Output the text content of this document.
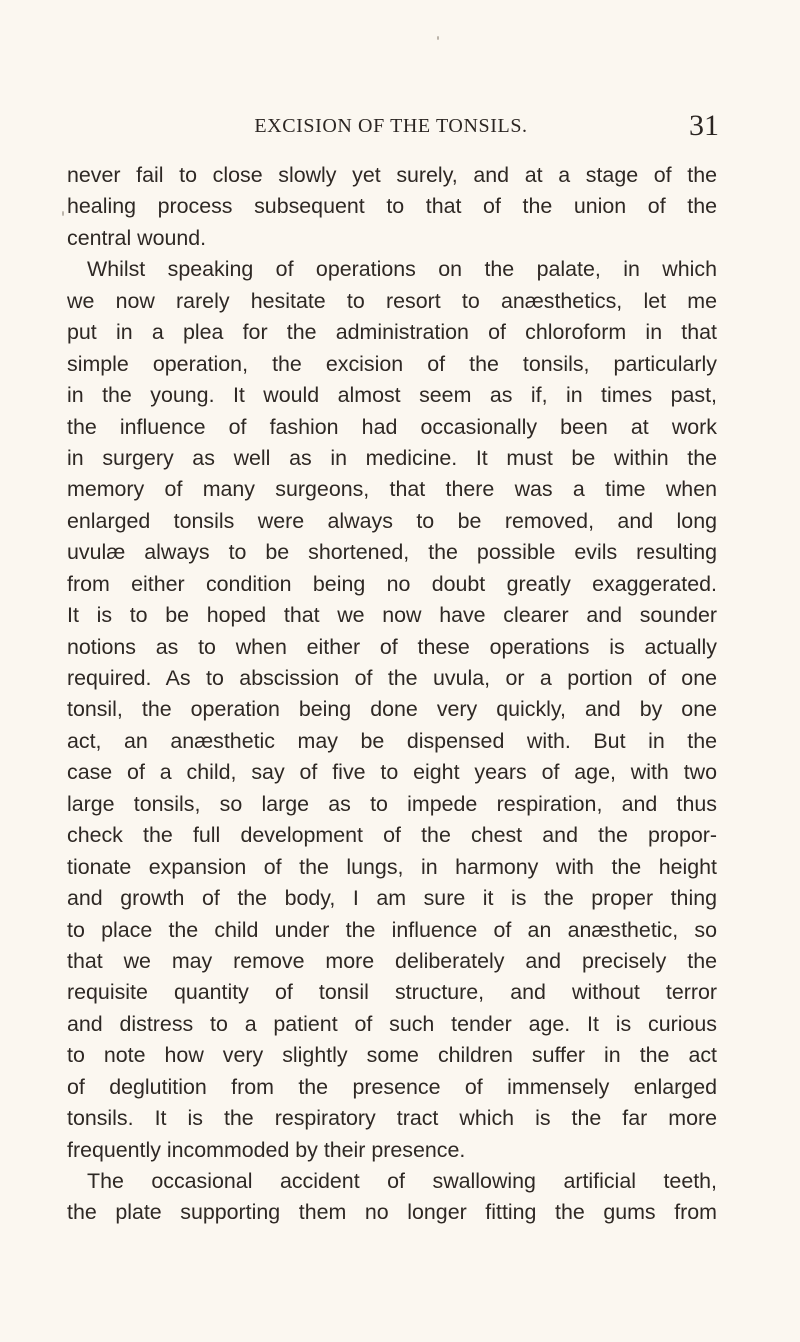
EXCISION OF THE TONSILS.	31
never fail to close slowly yet surely, and at a stage of the
healing process subsequent to that of the union of the
central wound.
Whilst speaking of operations on the palate, in which
we now rarely hesitate to resort to anæsthetics, let me
put in a plea for the administration of chloroform in that
simple operation, the excision of the tonsils, particularly
in the young. It would almost seem as if, in times past,
the influence of fashion had occasionally been at work
in surgery as well as in medicine. It must be within the
memory of many surgeons, that there was a time when
enlarged tonsils were always to be removed, and long
uvulæ always to be shortened, the possible evils resulting
from either condition being no doubt greatly exaggerated.
It is to be hoped that we now have clearer and sounder
notions as to when either of these operations is actually
required. As to abscission of the uvula, or a portion of one
tonsil, the operation being done very quickly, and by one
act, an anæsthetic may be dispensed with. But in the
case of a child, say of five to eight years of age, with two
large tonsils, so large as to impede respiration, and thus
check the full development of the chest and the propor-
tionate expansion of the lungs, in harmony with the height
and growth of the body, I am sure it is the proper thing
to place the child under the influence of an anæsthetic, so
that we may remove more deliberately and precisely the
requisite quantity of tonsil structure, and without terror
and distress to a patient of such tender age. It is curious
to note how very slightly some children suffer in the act
of deglutition from the presence of immensely enlarged
tonsils. It is the respiratory tract which is the far more
frequently incommoded by their presence.
The occasional accident of swallowing artificial teeth,
the plate supporting them no longer fitting the gums from
